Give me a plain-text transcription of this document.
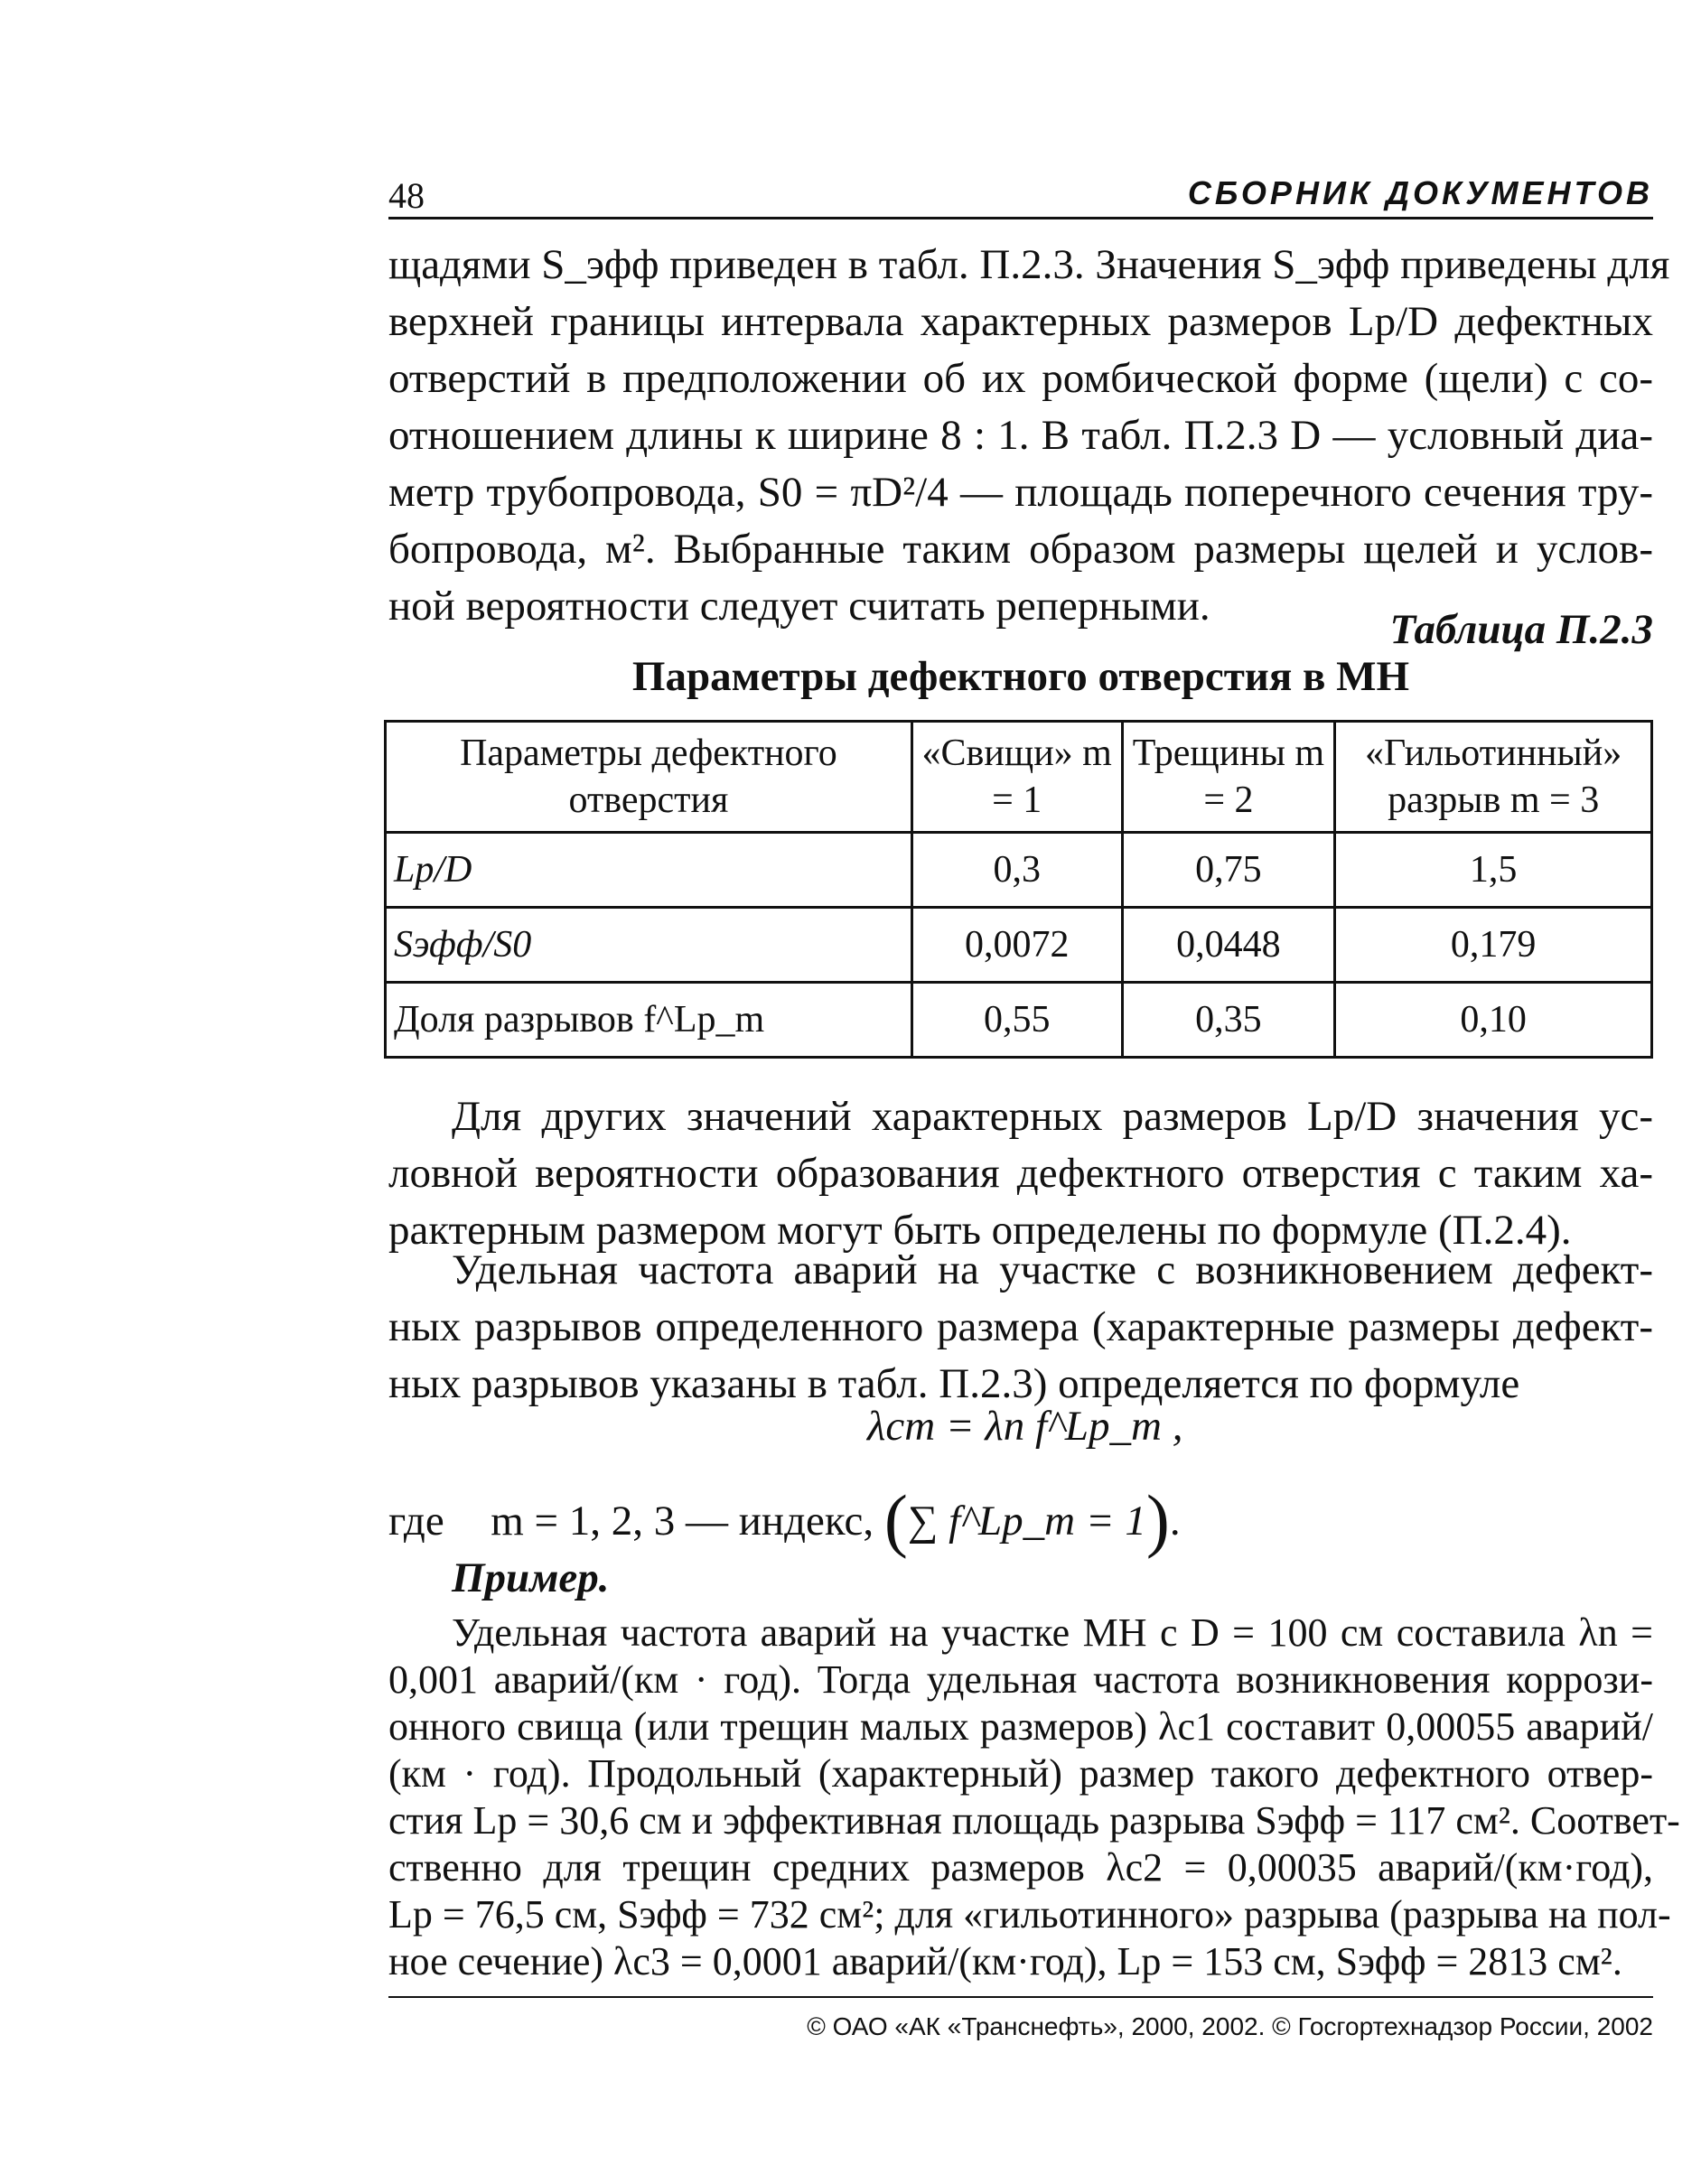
48	СБОРНИК ДОКУМЕНТОВ

щадями S_эфф приведен в табл. П.2.3. Значения S_эфф приведены для
верхней границы интервала характерных размеров Lp/D дефектных
отверстий в предположении об их ромбической форме (щели) с со-
отношением длины к ширине 8 : 1. В табл. П.2.3 D — условный диа-
метр трубопровода, S0 = πD²/4 — площадь поперечного сечения тру-
бопровода, м². Выбранные таким образом размеры щелей и услов-
ной вероятности следует считать реперными.	Таблица П.2.3
Параметры дефектного отверстия в МН
Параметры дефектного отверстия	«Свищи» m = 1	Трещины m = 2	«Гильотинный» разрыв m = 3
Lp/D	0,3	0,75	1,5
Sэфф/S0	0,0072	0,0448	0,179
Доля разрывов f^Lp_m	0,55	0,35	0,10

Для других значений характерных размеров Lp/D значения ус-
ловной вероятности образования дефектного отверстия с таким ха-
рактерным размером могут быть определены по формуле (П.2.4).

Удельная частота аварий на участке с возникновением дефект-
ных разрывов определенного размера (характерные размеры дефект-
ных разрывов указаны в табл. П.2.3) определяется по формуле

λcm = λn f^Lp_m ,
где m = 1, 2, 3 — индекс, (∑ f^Lp_m = 1).
Пример.

Удельная частота аварий на участке МН с D = 100 см составила λn =
0,001 аварий/(км · год). Тогда удельная частота возникновения коррози-
онного свища (или трещин малых размеров) λc1 составит 0,00055 аварий/
(км · год). Продольный (характерный) размер такого дефектного отвер-
стия Lp = 30,6 см и эффективная площадь разрыва Sэфф = 117 см². Соответ-
ственно для трещин средних размеров λc2 = 0,00035 аварий/(км·год),
Lp = 76,5 см, Sэфф = 732 см²; для «гильотинного» разрыва (разрыва на пол-
ное сечение) λc3 = 0,0001 аварий/(км·год), Lp = 153 см, Sэфф = 2813 см².

© ОАО «АК «Транснефть», 2000, 2002. © Госгортехнадзор России, 2002
